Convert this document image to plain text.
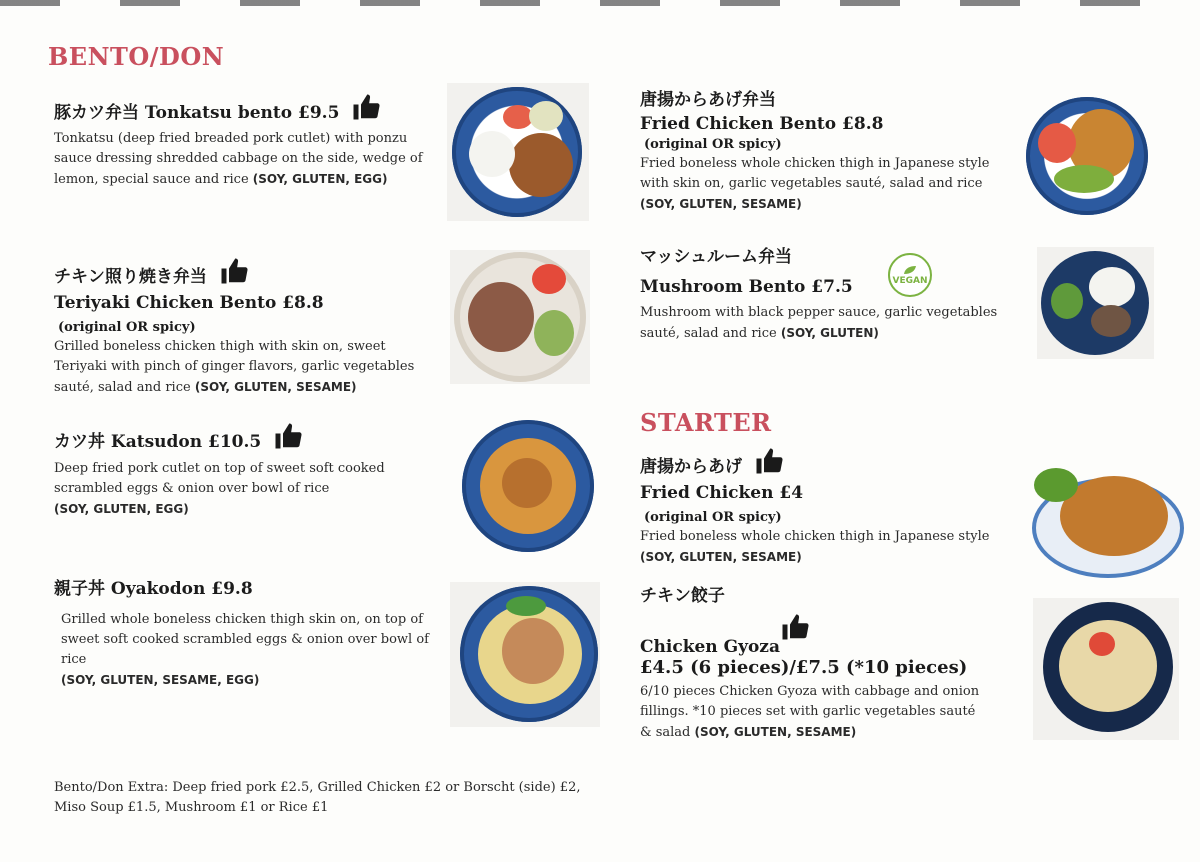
BENTO/DON
豚カツ弁当 Tonkatsu bento £9.5
Tonkatsu (deep fried breaded pork cutlet) with ponzu sauce dressing shredded cabbage on the side, wedge of lemon, special sauce and rice (SOY, GLUTEN, EGG)
チキン照り焼き弁当
Teriyaki Chicken Bento £8.8
(original OR spicy)
Grilled boneless chicken thigh with skin on, sweet Teriyaki with pinch of ginger flavors, garlic vegetables sauté, salad and rice (SOY, GLUTEN, SESAME)
カツ丼 Katsudon £10.5
Deep fried pork cutlet on top of sweet soft cooked scrambled eggs & onion over bowl of rice
(SOY, GLUTEN, EGG)
親子丼 Oyakodon £9.8
Grilled whole boneless chicken thigh skin on, on top of sweet soft cooked scrambled eggs & onion over bowl of rice
(SOY, GLUTEN, SESAME, EGG)
唐揚からあげ弁当
Fried Chicken Bento £8.8
(original OR spicy)
Fried boneless whole chicken thigh in Japanese style with skin on, garlic vegetables sauté, salad and rice
(SOY, GLUTEN, SESAME)
マッシュルーム弁当
Mushroom Bento £7.5
Mushroom with black pepper sauce, garlic vegetables sauté, salad and rice (SOY, GLUTEN)
VEGAN
STARTER
唐揚からあげ
Fried Chicken £4
(original OR spicy)
Fried boneless whole chicken thigh in Japanese style
(SOY, GLUTEN, SESAME)
チキン餃子
Chicken Gyoza
£4.5 (6 pieces)/£7.5 (*10 pieces)
6/10 pieces Chicken Gyoza with cabbage and onion fillings. *10 pieces set with garlic vegetables sauté & salad (SOY, GLUTEN, SESAME)
Bento/Don Extra: Deep fried pork £2.5, Grilled Chicken £2 or Borscht (side) £2,
Miso Soup £1.5, Mushroom £1 or Rice £1
